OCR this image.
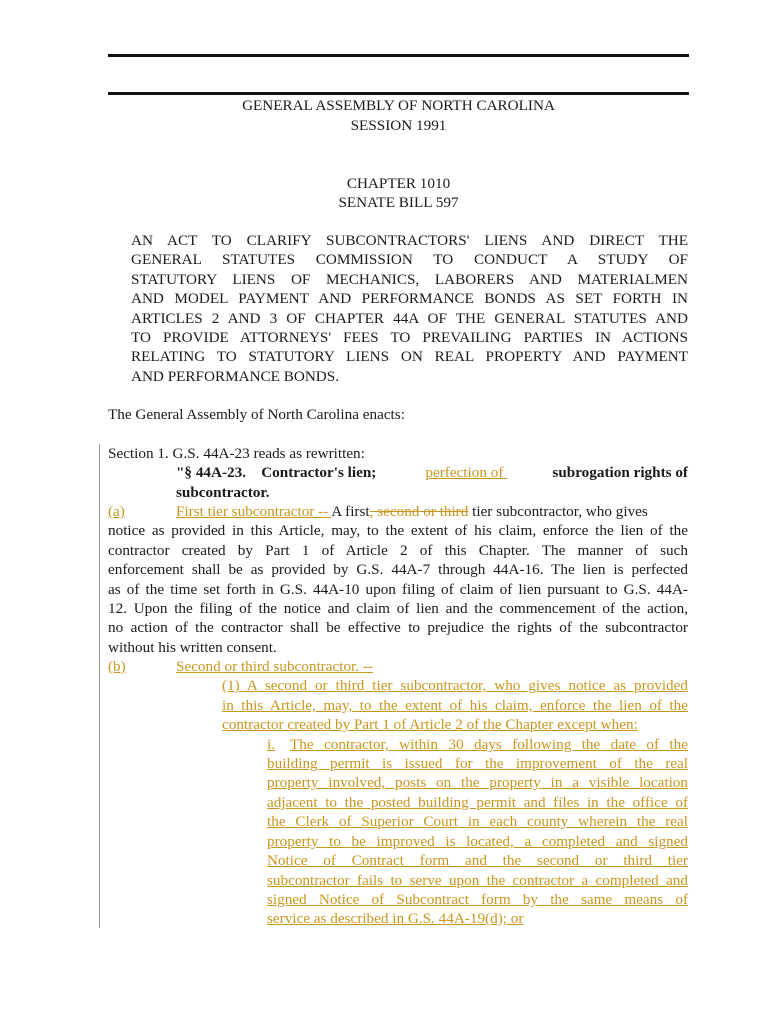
GENERAL ASSEMBLY OF NORTH CAROLINA
SESSION 1991
CHAPTER 1010
SENATE BILL 597
AN ACT TO CLARIFY SUBCONTRACTORS' LIENS AND DIRECT THE
GENERAL STATUTES COMMISSION TO CONDUCT A STUDY OF
STATUTORY LIENS OF MECHANICS, LABORERS AND MATERIALMEN
AND MODEL PAYMENT AND PERFORMANCE BONDS AS SET FORTH IN
ARTICLES 2 AND 3 OF CHAPTER 44A OF THE GENERAL STATUTES AND
TO PROVIDE ATTORNEYS' FEES TO PREVAILING PARTIES IN ACTIONS
RELATING TO STATUTORY LIENS ON REAL PROPERTY AND PAYMENT
AND PERFORMANCE BONDS.
The General Assembly of North Carolina enacts:
Section 1. G.S. 44A-23 reads as rewritten:
"§ 44A-23.    Contractor's lien;	perfection of	subrogation rights of
subcontractor.
(a)	First tier subcontractor -- A first, second or third tier subcontractor, who gives
notice as provided in this Article, may, to the extent of his claim, enforce the lien of the
contractor created by Part 1 of Article 2 of this Chapter. The manner of such
enforcement shall be as provided by G.S. 44A-7 through 44A-16. The lien is perfected
as of the time set forth in G.S. 44A-10 upon filing of claim of lien pursuant to G.S. 44A-
12. Upon the filing of the notice and claim of lien and the commencement of the action,
no action of the contractor shall be effective to prejudice the rights of the subcontractor
without his written consent.
(b)	Second or third subcontractor. --
(1) A second or third tier subcontractor, who gives notice as provided
in this Article, may, to the extent of his claim, enforce the lien of the
contractor created by Part 1 of Article 2 of the Chapter except when:
i. The contractor, within 30 days following the date of the
building permit is issued for the improvement of the real
property involved, posts on the property in a visible location
adjacent to the posted building permit and files in the office of
the Clerk of Superior Court in each county wherein the real
property to be improved is located, a completed and signed
Notice of Contract form and the second or third tier
subcontractor fails to serve upon the contractor a completed and
signed Notice of Subcontract form by the same means of
service as described in G.S. 44A-19(d); or
